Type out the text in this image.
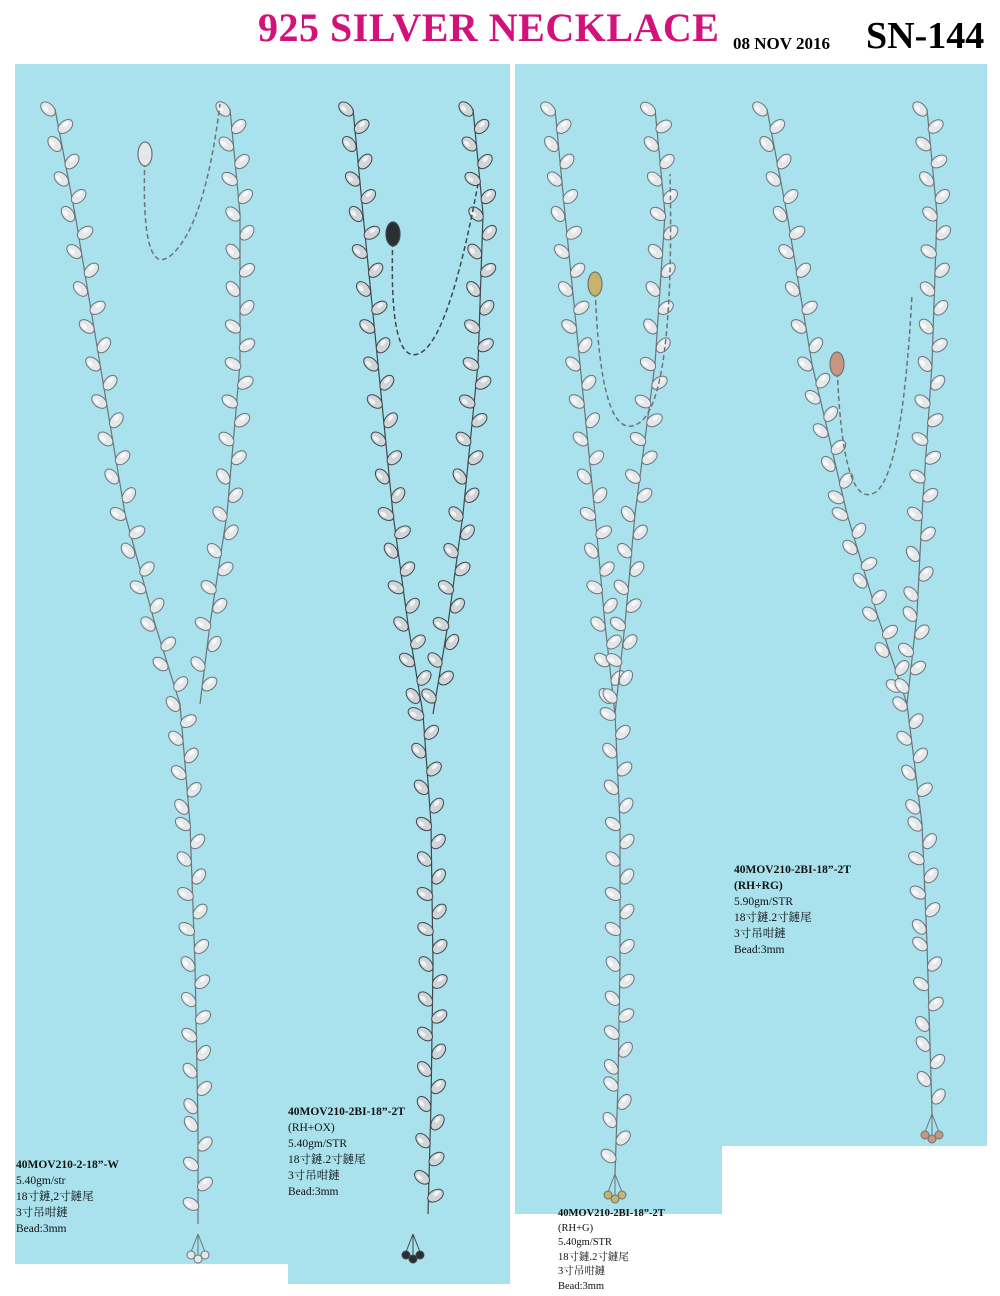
925 SILVER NECKLACE 08 NOV 2016 SN-144
40MOV210-2-18”-W
5.40gm/str
18寸鏈,2寸鏈尾
3寸吊咁鏈
Bead:3mm
40MOV210-2BI-18”-2T
(RH+OX)
5.40gm/STR
18寸鏈.2寸鏈尾
3寸吊咁鏈
Bead:3mm
40MOV210-2BI-18”-2T
(RH+G)
5.40gm/STR
18寸鏈.2寸鏈尾
3寸吊咁鏈
Bead:3mm
40MOV210-2BI-18”-2T
(RH+RG)
5.90gm/STR
18寸鏈.2寸鏈尾
3寸吊咁鏈
Bead:3mm
